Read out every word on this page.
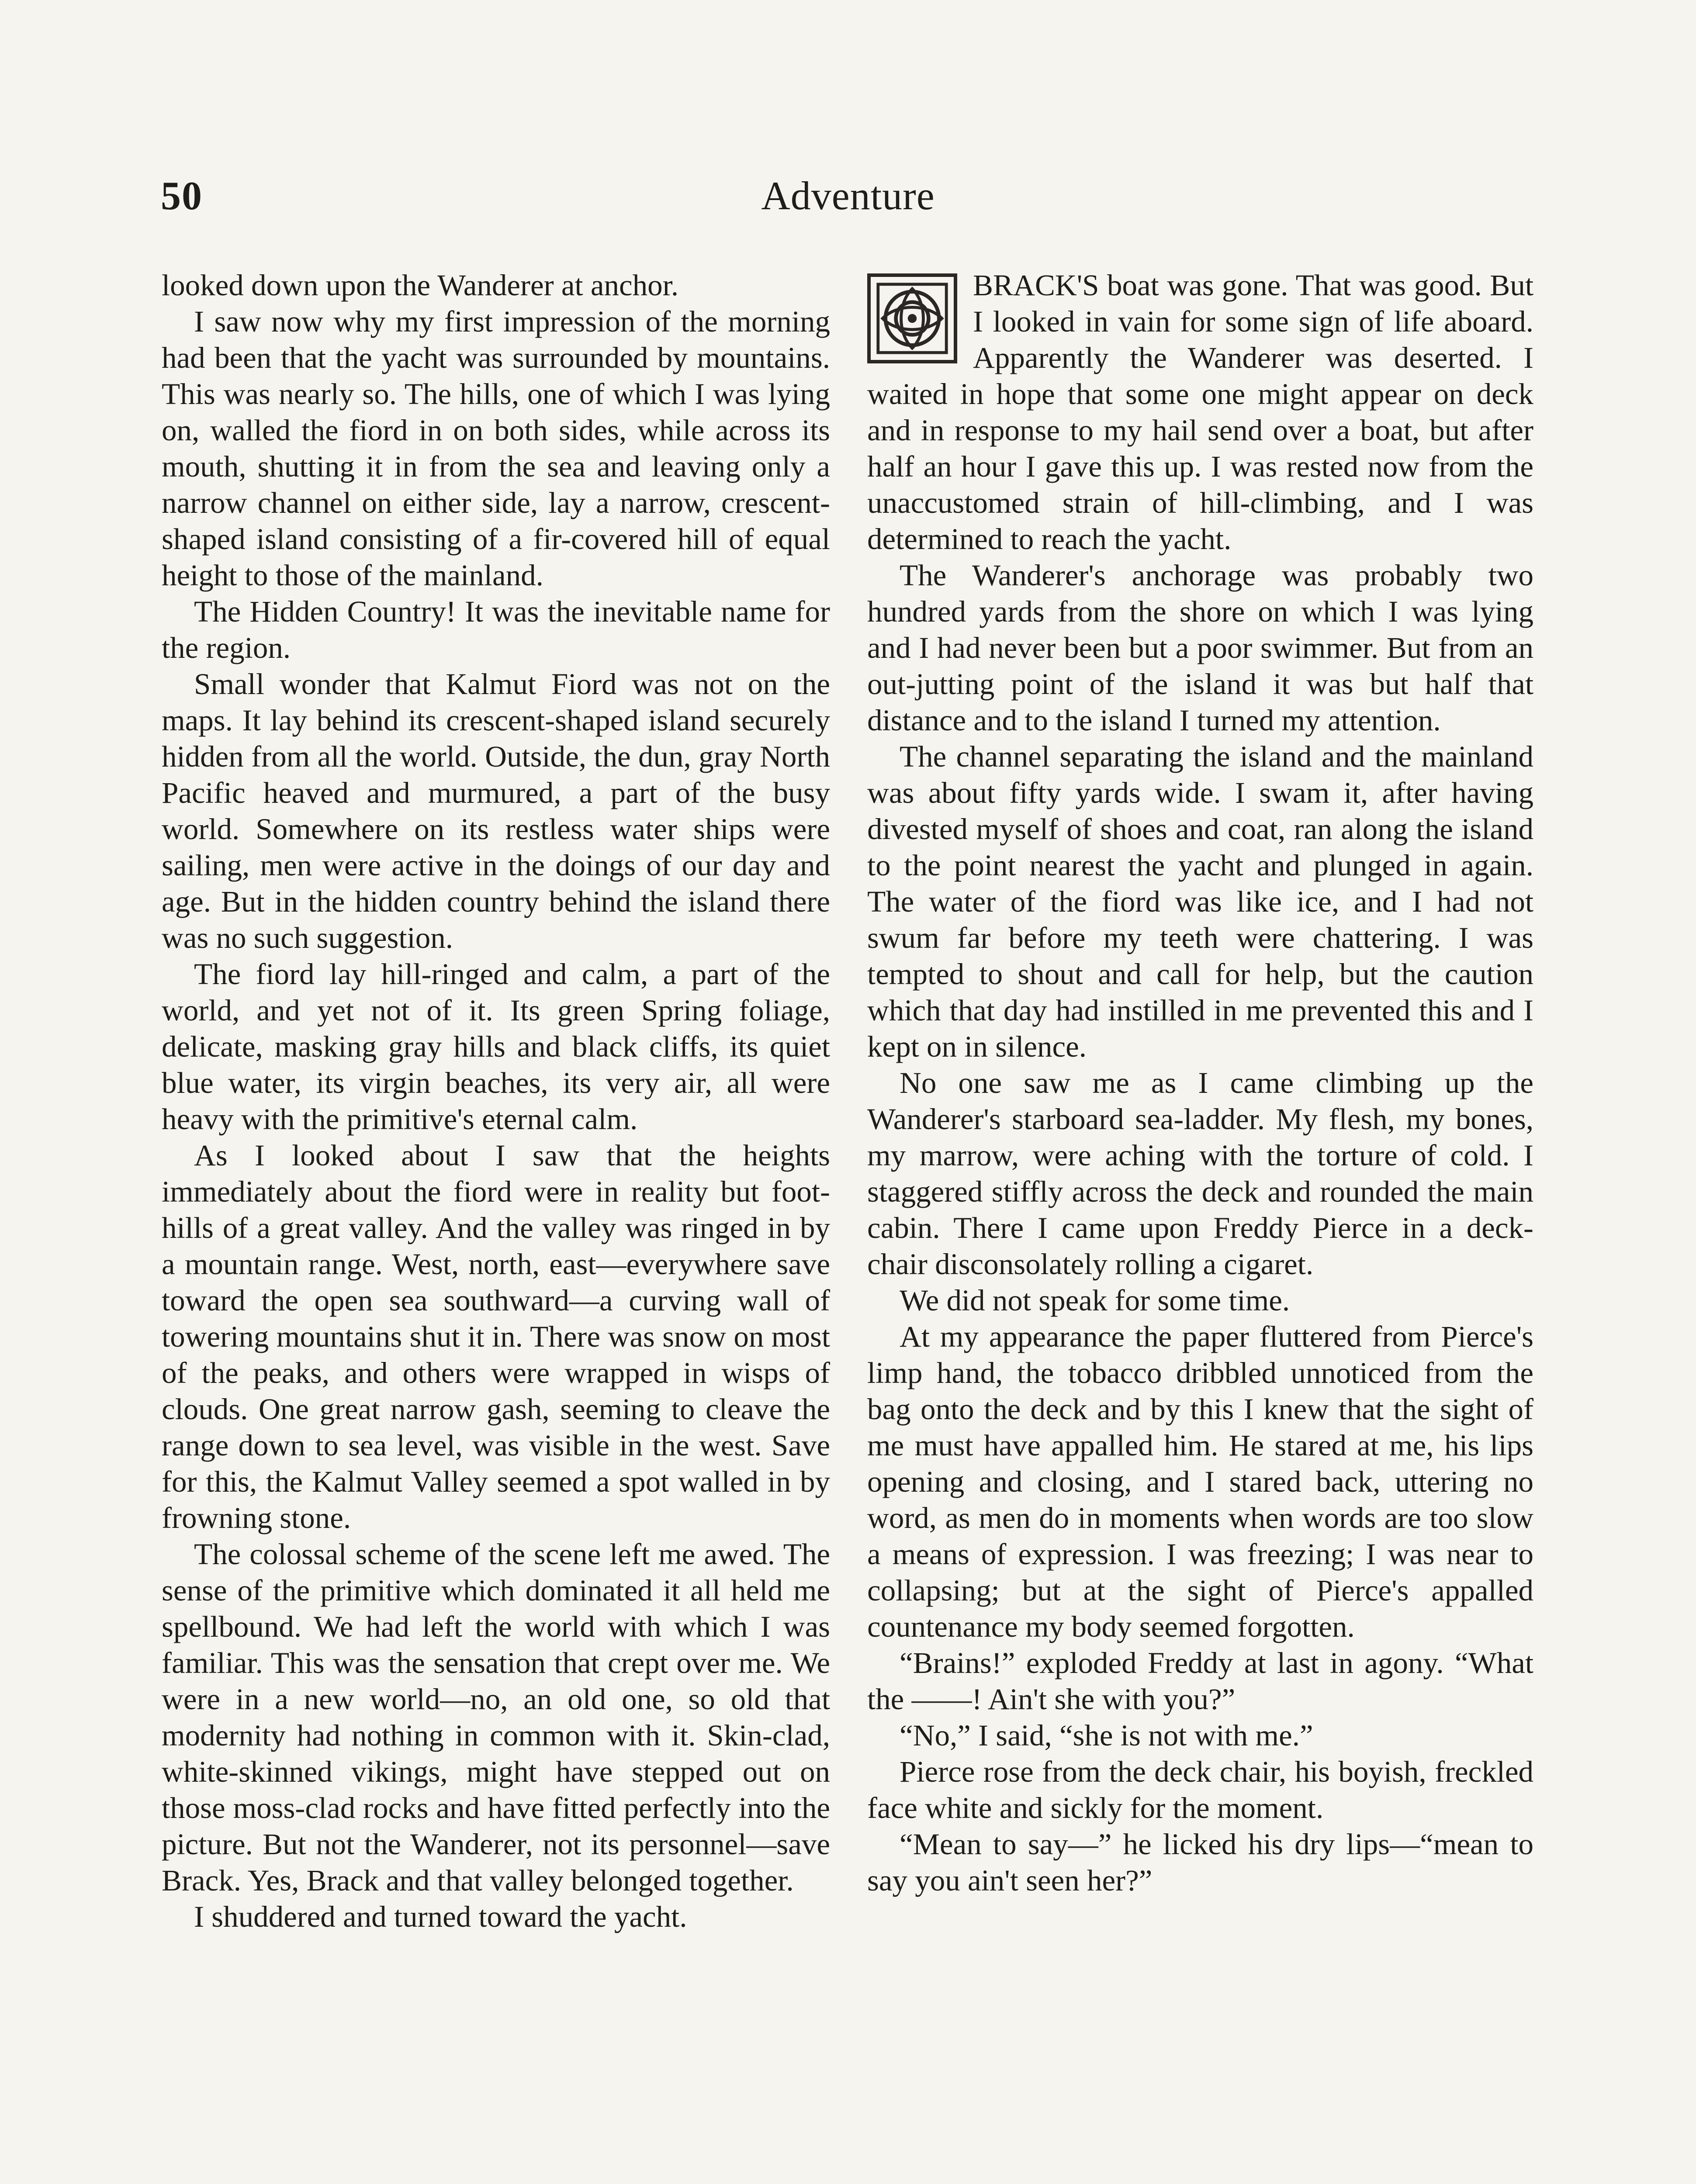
50	Adventure

looked down upon the Wanderer at anchor.

I saw now why my first impression of the morning had been that the yacht was surrounded by mountains. This was nearly so. The hills, one of which I was lying on, walled the fiord in on both sides, while across its mouth, shutting it in from the sea and leaving only a narrow channel on either side, lay a narrow, crescent-shaped island consisting of a fir-covered hill of equal height to those of the mainland.

The Hidden Country! It was the inevitable name for the region.

Small wonder that Kalmut Fiord was not on the maps. It lay behind its crescent-shaped island securely hidden from all the world. Outside, the dun, gray North Pacific heaved and murmured, a part of the busy world. Somewhere on its restless water ships were sailing, men were active in the doings of our day and age. But in the hidden country behind the island there was no such suggestion.

The fiord lay hill-ringed and calm, a part of the world, and yet not of it. Its green Spring foliage, delicate, masking gray hills and black cliffs, its quiet blue water, its virgin beaches, its very air, all were heavy with the primitive's eternal calm.

As I looked about I saw that the heights immediately about the fiord were in reality but foot-hills of a great valley. And the valley was ringed in by a mountain range. West, north, east—everywhere save toward the open sea southward—a curving wall of towering mountains shut it in. There was snow on most of the peaks, and others were wrapped in wisps of clouds. One great narrow gash, seeming to cleave the range down to sea level, was visible in the west. Save for this, the Kalmut Valley seemed a spot walled in by frowning stone.

The colossal scheme of the scene left me awed. The sense of the primitive which dominated it all held me spellbound. We had left the world with which I was familiar. This was the sensation that crept over me. We were in a new world—no, an old one, so old that modernity had nothing in common with it. Skin-clad, white-skinned vikings, might have stepped out on those moss-clad rocks and have fitted perfectly into the picture. But not the Wanderer, not its personnel—save Brack. Yes, Brack and that valley belonged together.

I shuddered and turned toward the yacht.

BRACK'S boat was gone. That was good. But I looked in vain for some sign of life aboard. Apparently the Wanderer was deserted. I waited in hope that some one might appear on deck and in response to my hail send over a boat, but after half an hour I gave this up. I was rested now from the unaccustomed strain of hill-climbing, and I was determined to reach the yacht.

The Wanderer's anchorage was probably two hundred yards from the shore on which I was lying and I had never been but a poor swimmer. But from an out-jutting point of the island it was but half that distance and to the island I turned my attention.

The channel separating the island and the mainland was about fifty yards wide. I swam it, after having divested myself of shoes and coat, ran along the island to the point nearest the yacht and plunged in again. The water of the fiord was like ice, and I had not swum far before my teeth were chattering. I was tempted to shout and call for help, but the caution which that day had instilled in me prevented this and I kept on in silence.

No one saw me as I came climbing up the Wanderer's starboard sea-ladder. My flesh, my bones, my marrow, were aching with the torture of cold. I staggered stiffly across the deck and rounded the main cabin. There I came upon Freddy Pierce in a deck-chair disconsolately rolling a cigaret.

We did not speak for some time.

At my appearance the paper fluttered from Pierce's limp hand, the tobacco dribbled unnoticed from the bag onto the deck and by this I knew that the sight of me must have appalled him. He stared at me, his lips opening and closing, and I stared back, uttering no word, as men do in moments when words are too slow a means of expression. I was freezing; I was near to collapsing; but at the sight of Pierce's appalled countenance my body seemed forgotten.

“Brains!” exploded Freddy at last in agony. “What the ——! Ain't she with you?”

“No,” I said, “she is not with me.”

Pierce rose from the deck chair, his boyish, freckled face white and sickly for the moment.

“Mean to say—” he licked his dry lips—“mean to say you ain't seen her?”
